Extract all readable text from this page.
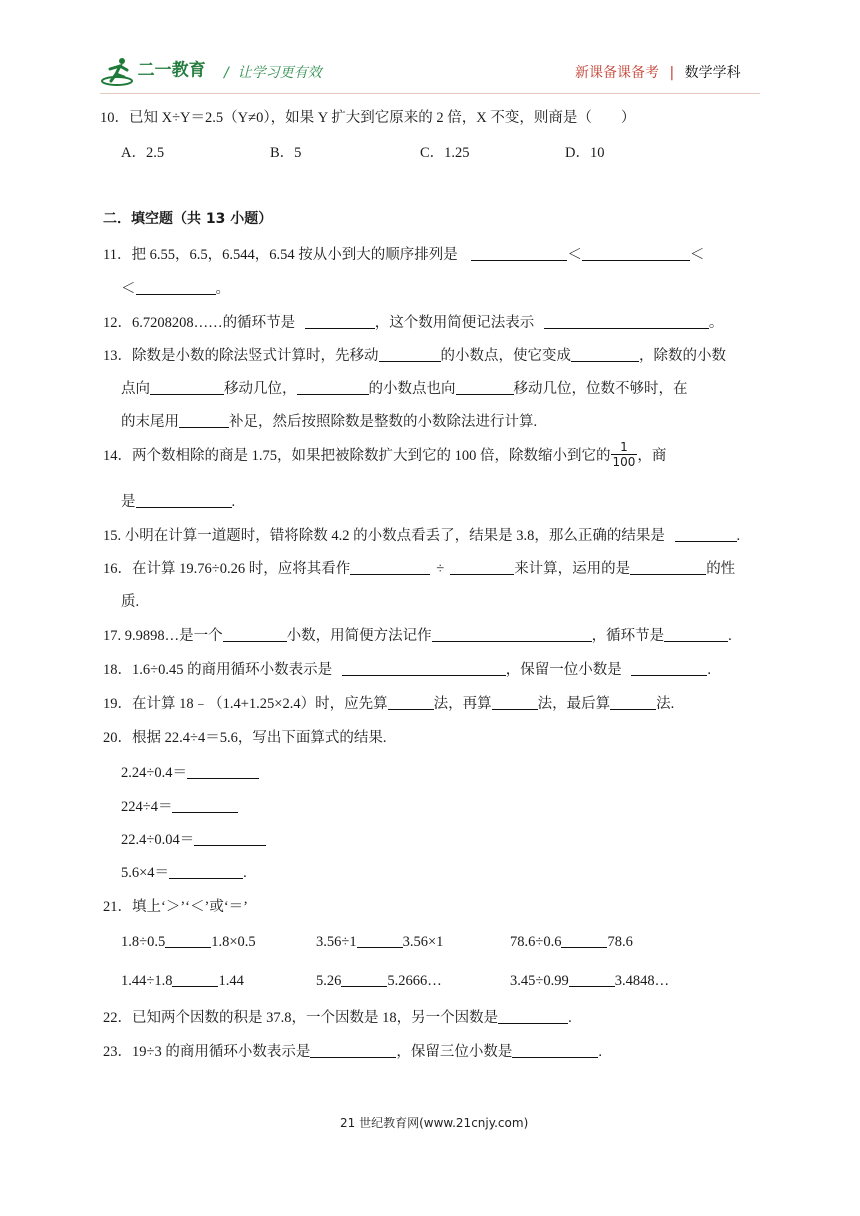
二一教育 / 让学习更有效	新课备课备考 | 数学学科
10．已知 X÷Y＝2.5（Y≠0），如果 Y 扩大到它原来的 2 倍，X 不变，则商是（　　）
A．2.5	B．5	C．1.25	D．10
二．填空题（共 13 小题）
11．把 6.55，6.5，6.544，6.54 按从小到大的顺序排列是	＜	＜
＜	。
12．6.7208208……的循环节是	，这个数用简便记法表示	。
13．除数是小数的除法竖式计算时，先移动	的小数点，使它变成	，除数的小数
点向	移动几位，	的小数点也向	移动几位，位数不够时，在
的末尾用	补足，然后按照除数是整数的小数除法进行计算.
14．两个数相除的商是 1.75，如果把被除数扩大到它的 100 倍，除数缩小到它的 $\frac{1}{100}$ ，商
是	.
15. 小明在计算一道题时，错将除数 4.2 的小数点看丢了，结果是 3.8，那么正确的结果是	.
16．在计算 19.76÷0.26 时，应将其看作	÷	来计算，运用的是	的性
质.
17. 9.9898…是一个	小数，用简便方法记作	，循环节是	.
18．1.6÷0.45 的商用循环小数表示是	，保留一位小数是	.
19．在计算 18﹣（1.4+1.25×2.4）时，应先算	法，再算	法，最后算	法.
20．根据 22.4÷4＝5.6，写出下面算式的结果.
2.24÷0.4＝
224÷4＝
22.4÷0.04＝
5.6×4＝	.
21．填上‘＞’‘＜’或‘＝’
1.8÷0.5	1.8×0.5	3.56÷1	3.56×1	78.6÷0.6	78.6
1.44÷1.8	1.44	5.26	5.2666…	3.45÷0.99	3.4848…
22．已知两个因数的积是 37.8，一个因数是 18，另一个因数是	.
23．19÷3 的商用循环小数表示是	，保留三位小数是	.
21 世纪教育网(www.21cnjy.com)
